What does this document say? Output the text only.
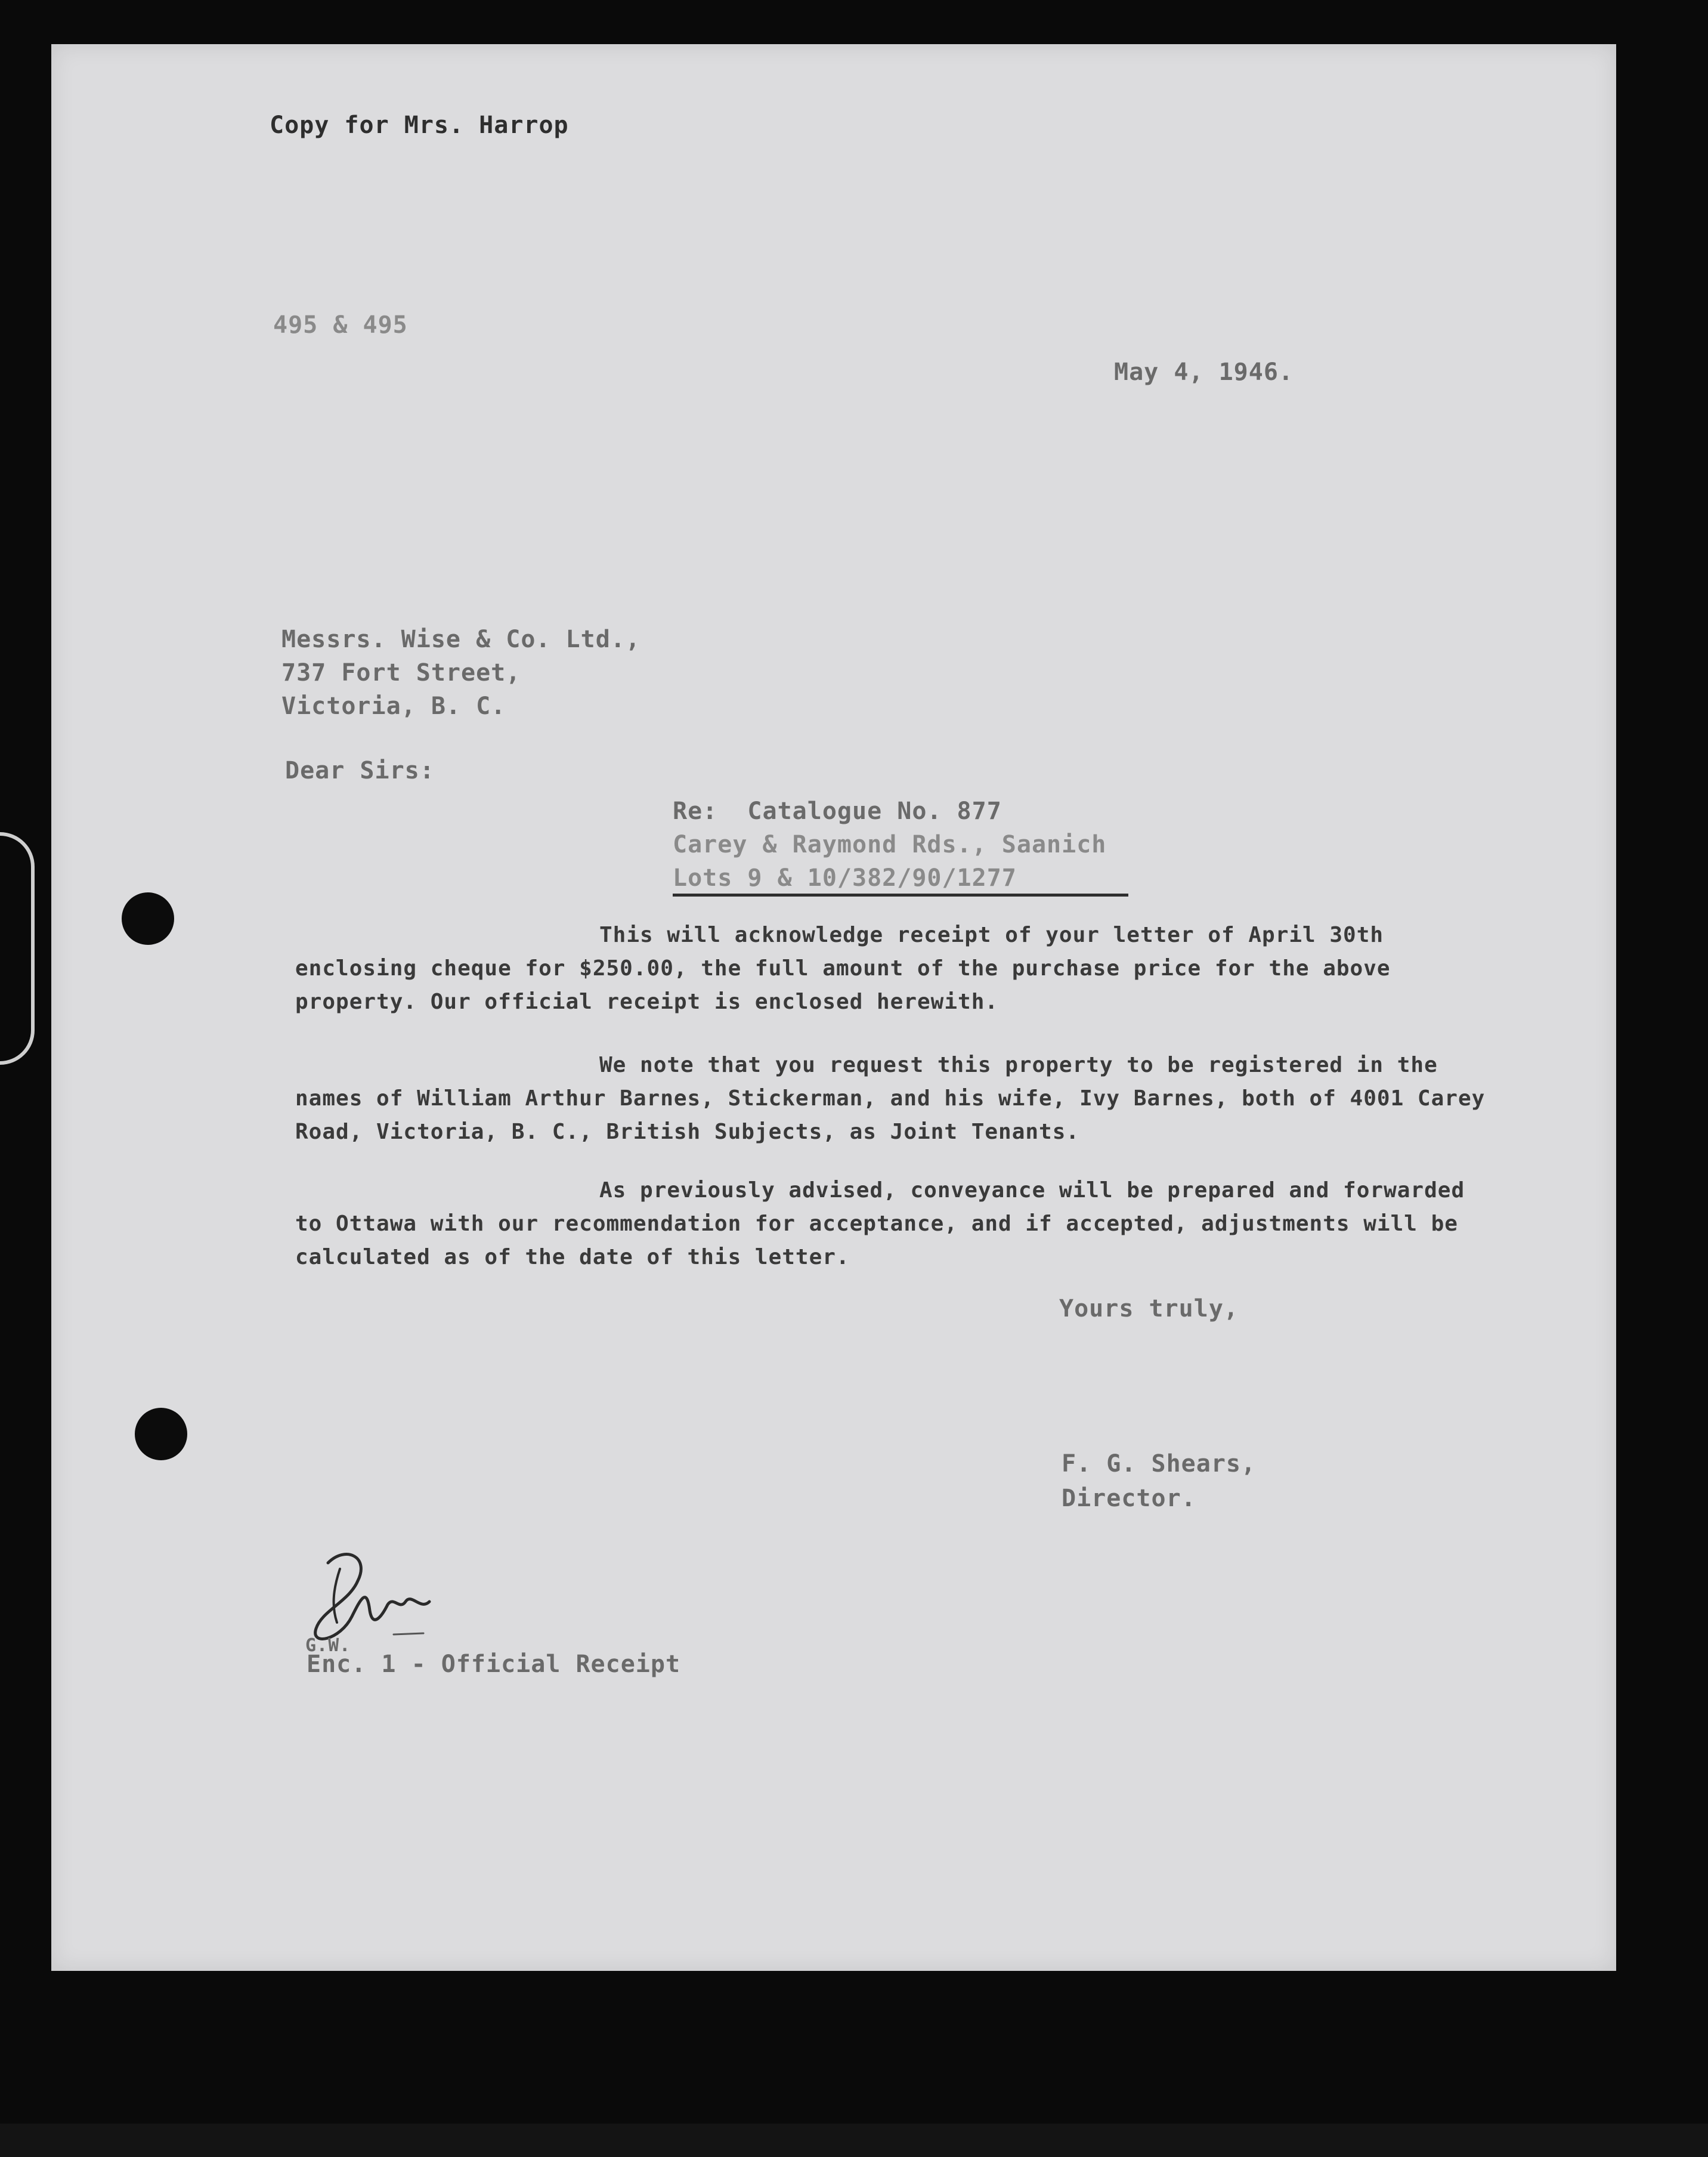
Copy for Mrs. Harrop
495 & 495
May 4, 1946.
Messrs. Wise & Co. Ltd.,
737 Fort Street,
Victoria, B. C.
Dear Sirs:
Re:  Catalogue No. 877
Carey & Raymond Rds., Saanich
Lots 9 & 10/382/90/1277
This will acknowledge receipt of your letter of April 30th enclosing cheque for $250.00, the full amount of the purchase price for the above property. Our official receipt is enclosed herewith.
We note that you request this property to be registered in the names of William Arthur Barnes, Stickerman, and his wife, Ivy Barnes, both of 4001 Carey Road, Victoria, B. C., British Subjects, as Joint Tenants.
As previously advised, conveyance will be prepared and forwarded to Ottawa with our recommendation for acceptance, and if accepted, adjustments will be calculated as of the date of this letter.
Yours truly,
F. G. Shears,
Director.
G.W.
Enc. 1 - Official Receipt
